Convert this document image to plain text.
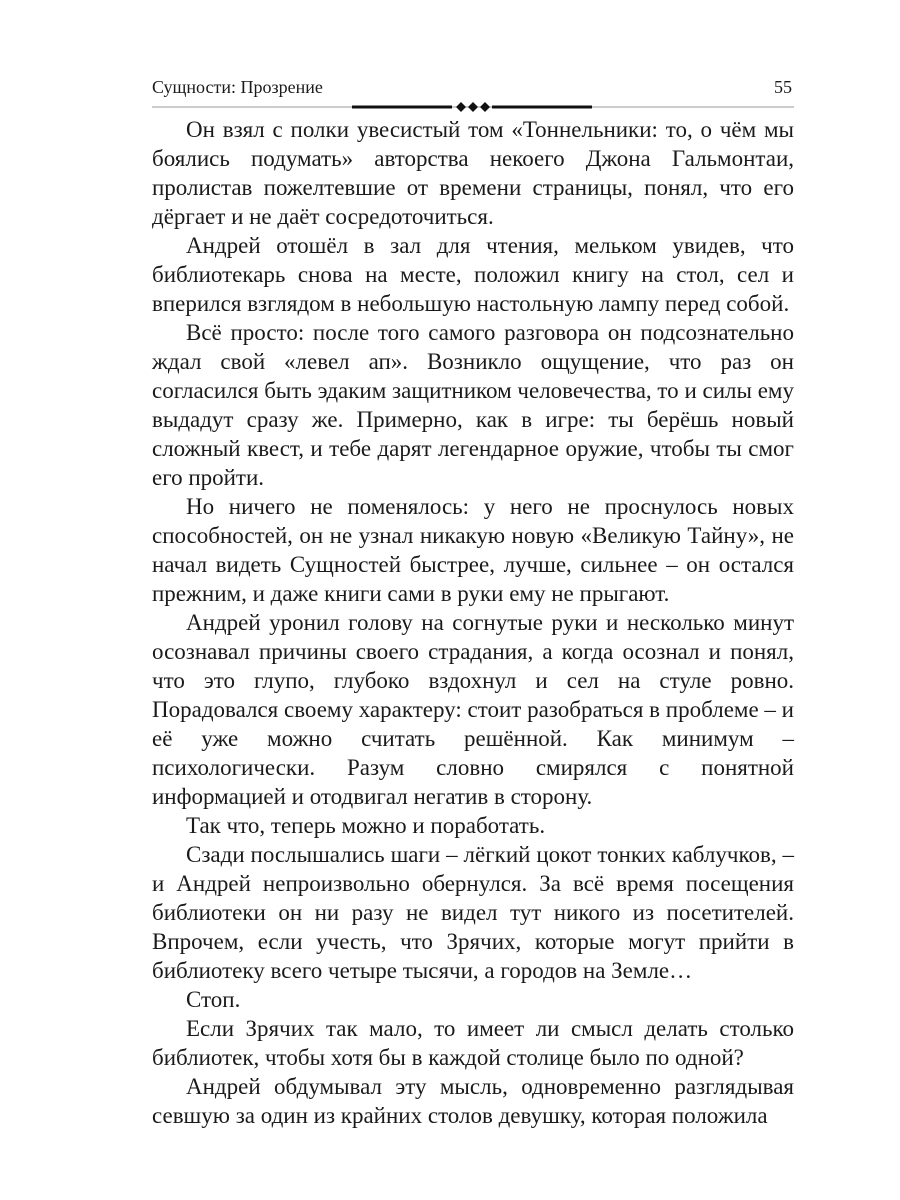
Сущности: Прозрение	55

Он взял с полки увесистый том «Тоннельники: то, о чём мы боялись подумать» авторства некоего Джона Гальмонтаи, пролистав пожелтевшие от времени страницы, понял, что его дёргает и не даёт сосредоточиться.

Андрей отошёл в зал для чтения, мельком увидев, что библиотекарь снова на месте, положил книгу на стол, сел и вперился взглядом в небольшую настольную лампу перед собой.

Всё просто: после того самого разговора он подсознательно ждал свой «левел ап». Возникло ощущение, что раз он согласился быть эдаким защитником человечества, то и силы ему выдадут сразу же. Примерно, как в игре: ты берёшь новый сложный квест, и тебе дарят легендарное оружие, чтобы ты смог его пройти.

Но ничего не поменялось: у него не проснулось новых способностей, он не узнал никакую новую «Великую Тайну», не начал видеть Сущностей быстрее, лучше, сильнее – он остался прежним, и даже книги сами в руки ему не прыгают.

Андрей уронил голову на согнутые руки и несколько минут осознавал причины своего страдания, а когда осознал и понял, что это глупо, глубоко вздохнул и сел на стуле ровно. Порадовался своему характеру: стоит разобраться в проблеме – и её уже можно считать решённой. Как минимум – психологически. Разум словно смирялся с понятной информацией и отодвигал негатив в сторону.

Так что, теперь можно и поработать.

Сзади послышались шаги – лёгкий цокот тонких каблучков, – и Андрей непроизвольно обернулся. За всё время посещения библиотеки он ни разу не видел тут никого из посетителей. Впрочем, если учесть, что Зрячих, которые могут прийти в библиотеку всего четыре тысячи, а городов на Земле…

Стоп.

Если Зрячих так мало, то имеет ли смысл делать столько библиотек, чтобы хотя бы в каждой столице было по одной?

Андрей обдумывал эту мысль, одновременно разглядывая севшую за один из крайних столов девушку, которая положила
